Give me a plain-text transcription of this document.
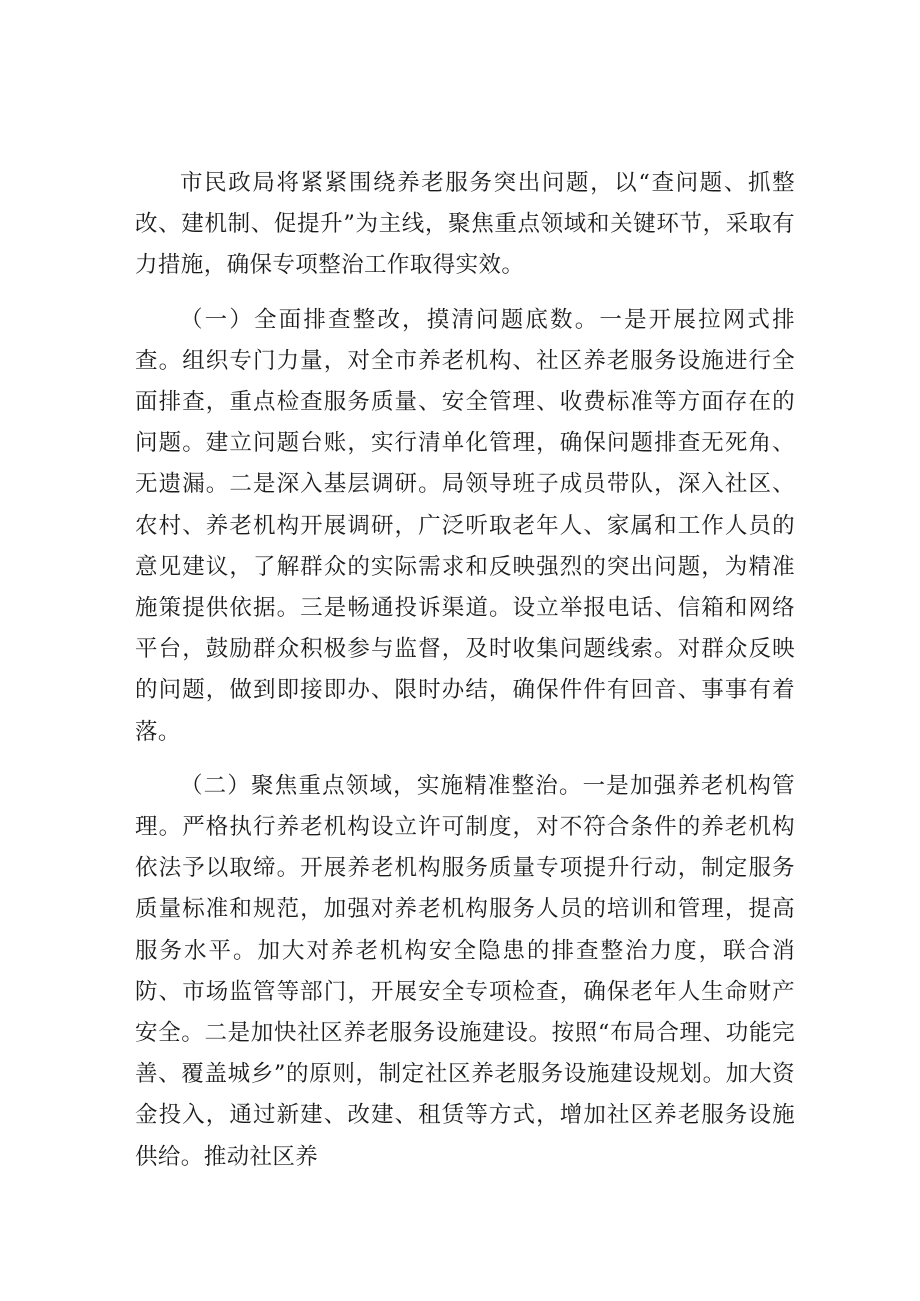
市民政局将紧紧围绕养老服务突出问题，以“查问题、抓整改、建机制、促提升”为主线，聚焦重点领域和关键环节，采取有力措施，确保专项整治工作取得实效。

（一）全面排查整改，摸清问题底数。一是开展拉网式排查。组织专门力量，对全市养老机构、社区养老服务设施进行全面排查，重点检查服务质量、安全管理、收费标准等方面存在的问题。建立问题台账，实行清单化管理，确保问题排查无死角、无遗漏。二是深入基层调研。局领导班子成员带队，深入社区、农村、养老机构开展调研，广泛听取老年人、家属和工作人员的意见建议，了解群众的实际需求和反映强烈的突出问题，为精准施策提供依据。三是畅通投诉渠道。设立举报电话、信箱和网络平台，鼓励群众积极参与监督，及时收集问题线索。对群众反映的问题，做到即接即办、限时办结，确保件件有回音、事事有着落。

（二）聚焦重点领域，实施精准整治。一是加强养老机构管理。严格执行养老机构设立许可制度，对不符合条件的养老机构依法予以取缔。开展养老机构服务质量专项提升行动，制定服务质量标准和规范，加强对养老机构服务人员的培训和管理，提高服务水平。加大对养老机构安全隐患的排查整治力度，联合消防、市场监管等部门，开展安全专项检查，确保老年人生命财产安全。二是加快社区养老服务设施建设。按照“布局合理、功能完善、覆盖城乡”的原则，制定社区养老服务设施建设规划。加大资金投入，通过新建、改建、租赁等方式，增加社区养老服务设施供给。推动社区养
